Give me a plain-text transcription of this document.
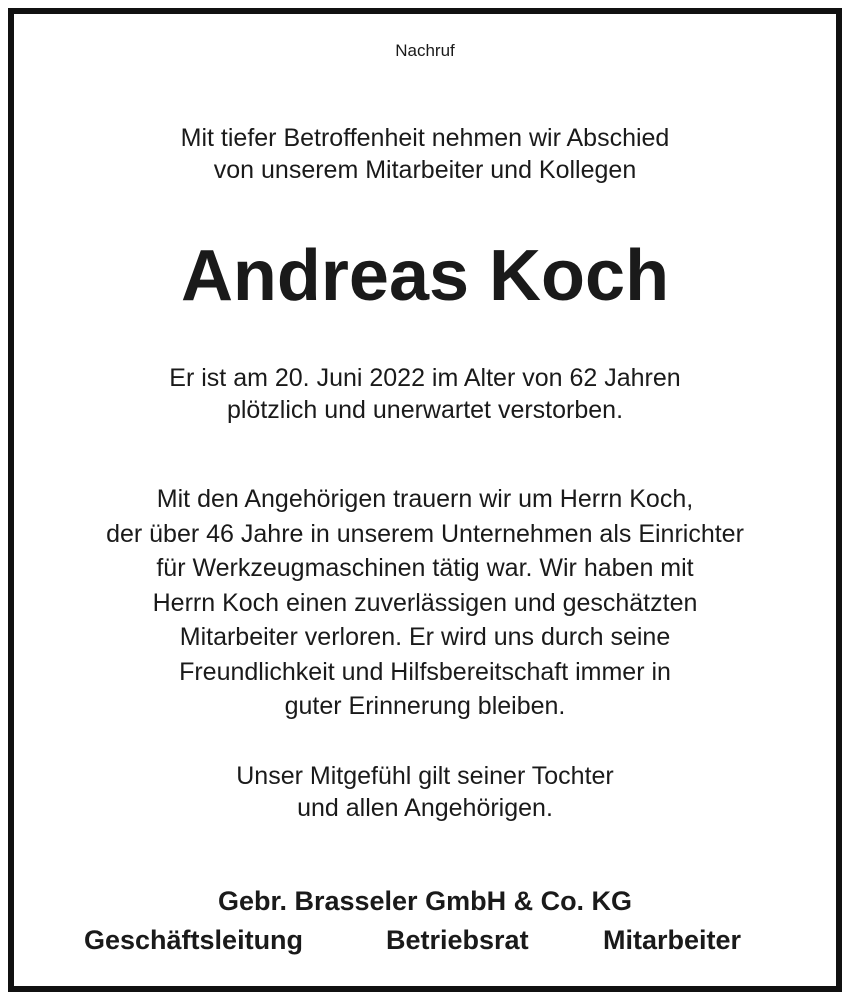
Nachruf
Mit tiefer Betroffenheit nehmen wir Abschied
von unserem Mitarbeiter und Kollegen
Andreas Koch
Er ist am 20. Juni 2022 im Alter von 62 Jahren
plötzlich und unerwartet verstorben.
Mit den Angehörigen trauern wir um Herrn Koch,
der über 46 Jahre in unserem Unternehmen als Einrichter
für Werkzeugmaschinen tätig war. Wir haben mit
Herrn Koch einen zuverlässigen und geschätzten
Mitarbeiter verloren. Er wird uns durch seine
Freundlichkeit und Hilfsbereitschaft immer in
guter Erinnerung bleiben.
Unser Mitgefühl gilt seiner Tochter
und allen Angehörigen.
Gebr. Brasseler GmbH & Co. KG
Geschäftsleitung	Betriebsrat	Mitarbeiter
